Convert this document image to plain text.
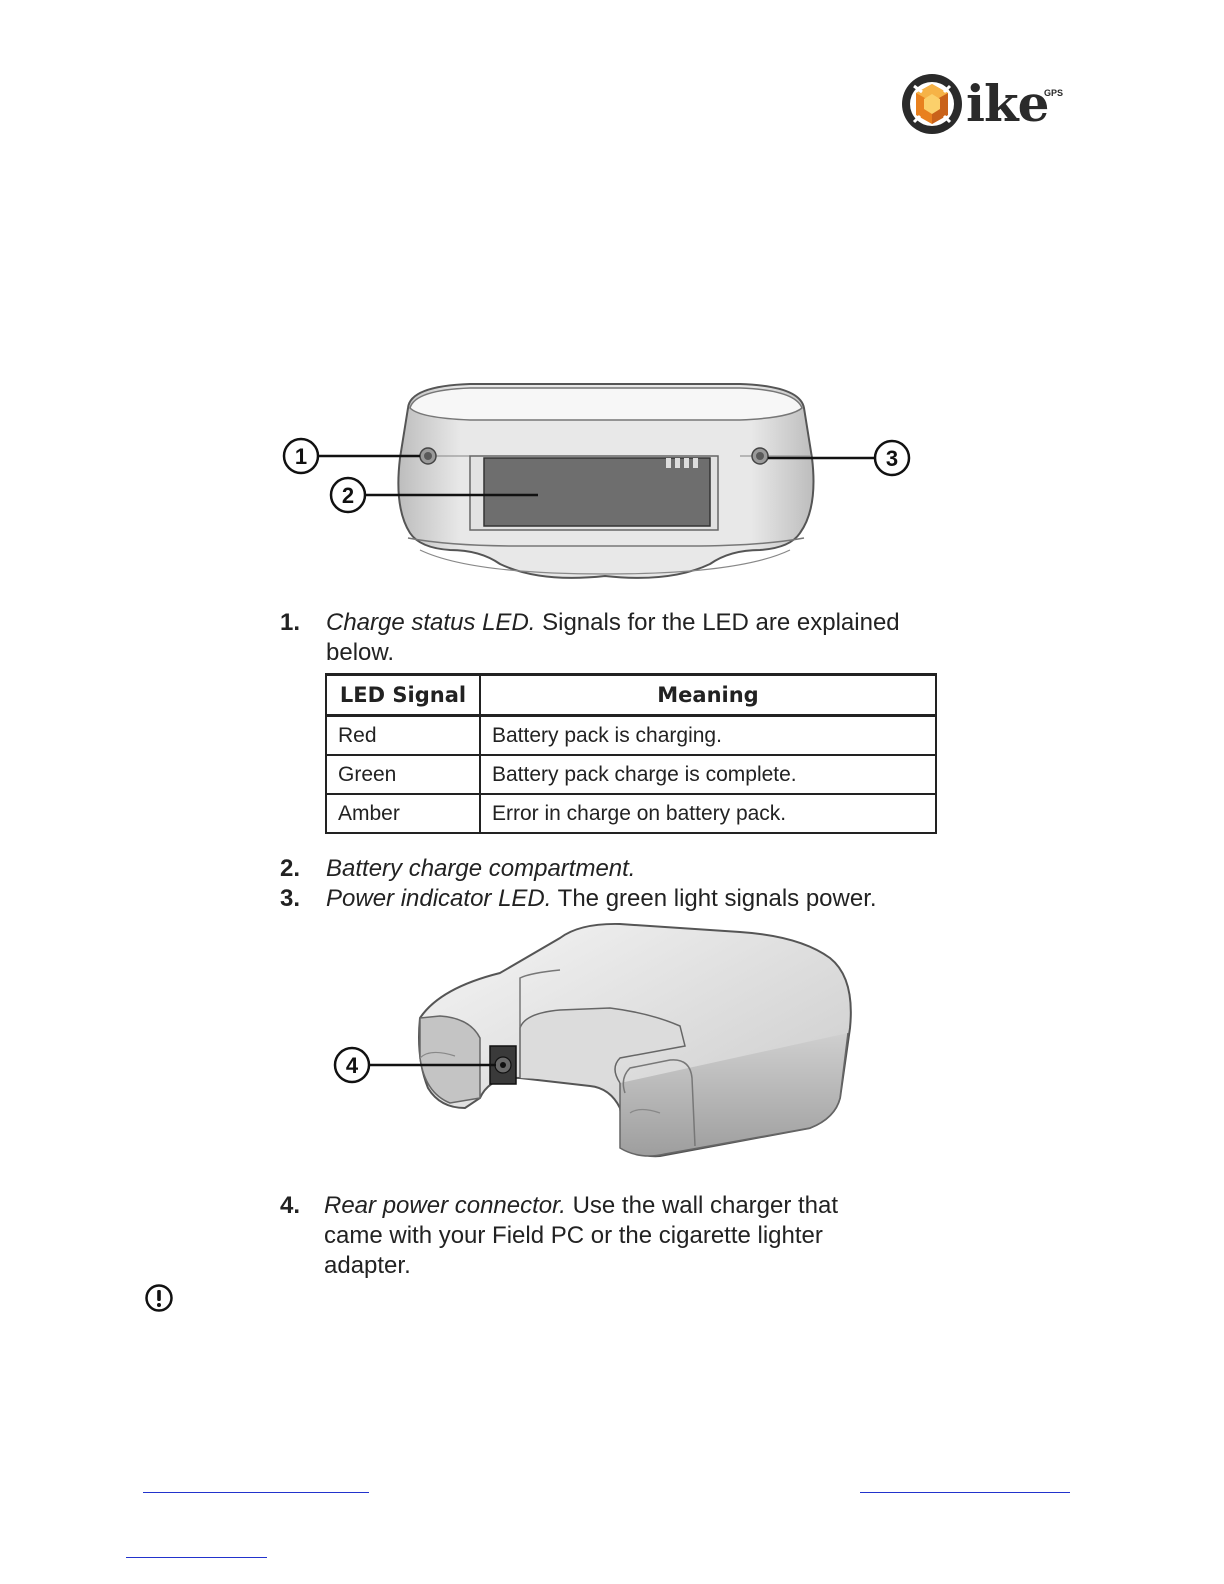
ike
GPS
1
2
3
1. Charge status LED. Signals for the LED are explained
below.
LED Signal	Meaning
Red	Battery pack is charging.
Green	Battery pack charge is complete.
Amber	Error in charge on battery pack.
2. Battery charge compartment.
3. Power indicator LED. The green light signals power.
4
4. Rear power connector. Use the wall charger that
came with your Field PC or the cigarette lighter
adapter.
